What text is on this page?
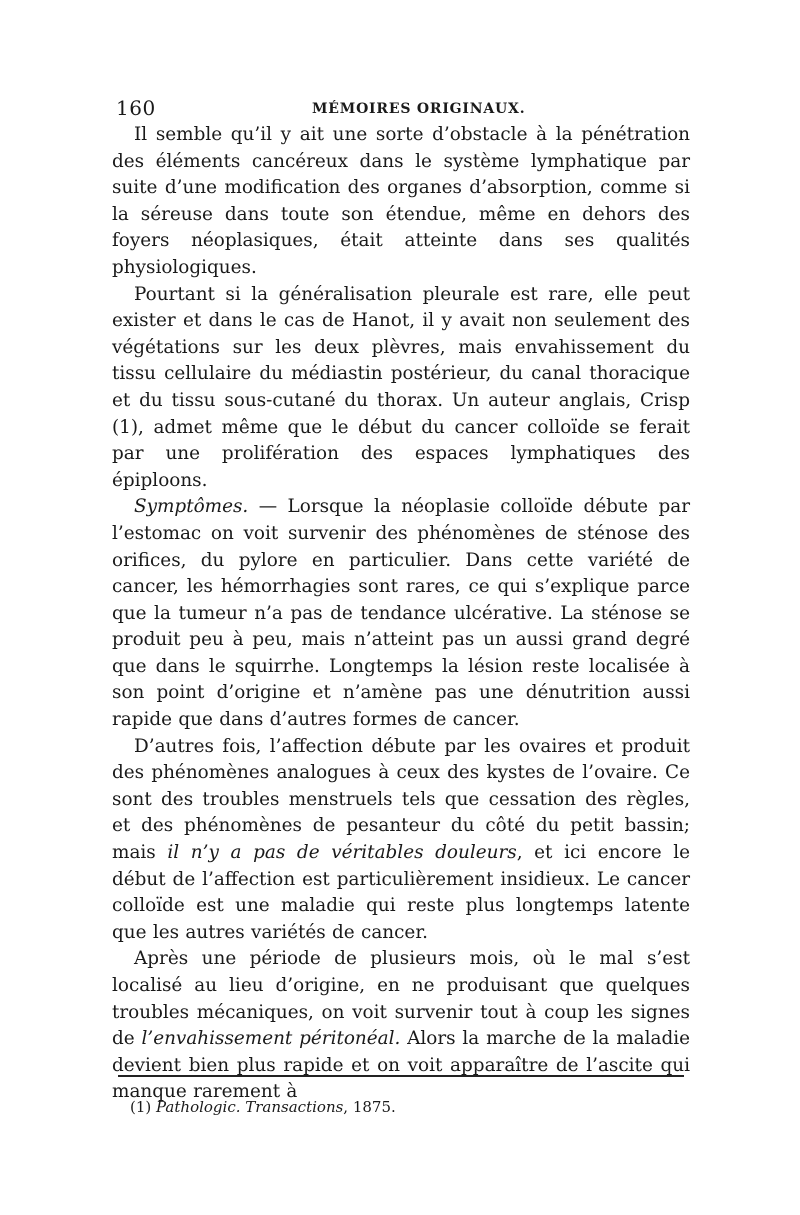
160	MÉMOIRES ORIGINAUX.

Il semble qu’il y ait une sorte d’obstacle à la pénétration des éléments cancéreux dans le système lymphatique par suite d’une modification des organes d’absorption, comme si la séreuse dans toute son étendue, même en dehors des foyers néoplasiques, était atteinte dans ses qualités physiologiques.

Pourtant si la généralisation pleurale est rare, elle peut exister et dans le cas de Hanot, il y avait non seulement des végétations sur les deux plèvres, mais envahissement du tissu cellulaire du médiastin postérieur, du canal thoracique et du tissu sous-cutané du thorax. Un auteur anglais, Crisp (1), admet même que le début du cancer colloïde se ferait par une prolifération des espaces lymphatiques des épiploons.

Symptômes. — Lorsque la néoplasie colloïde débute par l’estomac on voit survenir des phénomènes de sténose des orifices, du pylore en particulier. Dans cette variété de cancer, les hémorrhagies sont rares, ce qui s’explique parce que la tumeur n’a pas de tendance ulcérative. La sténose se produit peu à peu, mais n’atteint pas un aussi grand degré que dans le squirrhe. Longtemps la lésion reste localisée à son point d’origine et n’amène pas une dénutrition aussi rapide que dans d’autres formes de cancer.

D’autres fois, l’affection débute par les ovaires et produit des phénomènes analogues à ceux des kystes de l’ovaire. Ce sont des troubles menstruels tels que cessation des règles, et des phénomènes de pesanteur du côté du petit bassin; mais il n’y a pas de véritables douleurs, et ici encore le début de l’affection est particulièrement insidieux. Le cancer colloïde est une maladie qui reste plus longtemps latente que les autres variétés de cancer.

Après une période de plusieurs mois, où le mal s’est localisé au lieu d’origine, en ne produisant que quelques troubles mécaniques, on voit survenir tout à coup les signes de l’envahissement péritonéal. Alors la marche de la maladie devient bien plus rapide et on voit apparaître de l’ascite qui manque rarement à

(1) Pathologic. Transactions, 1875.
